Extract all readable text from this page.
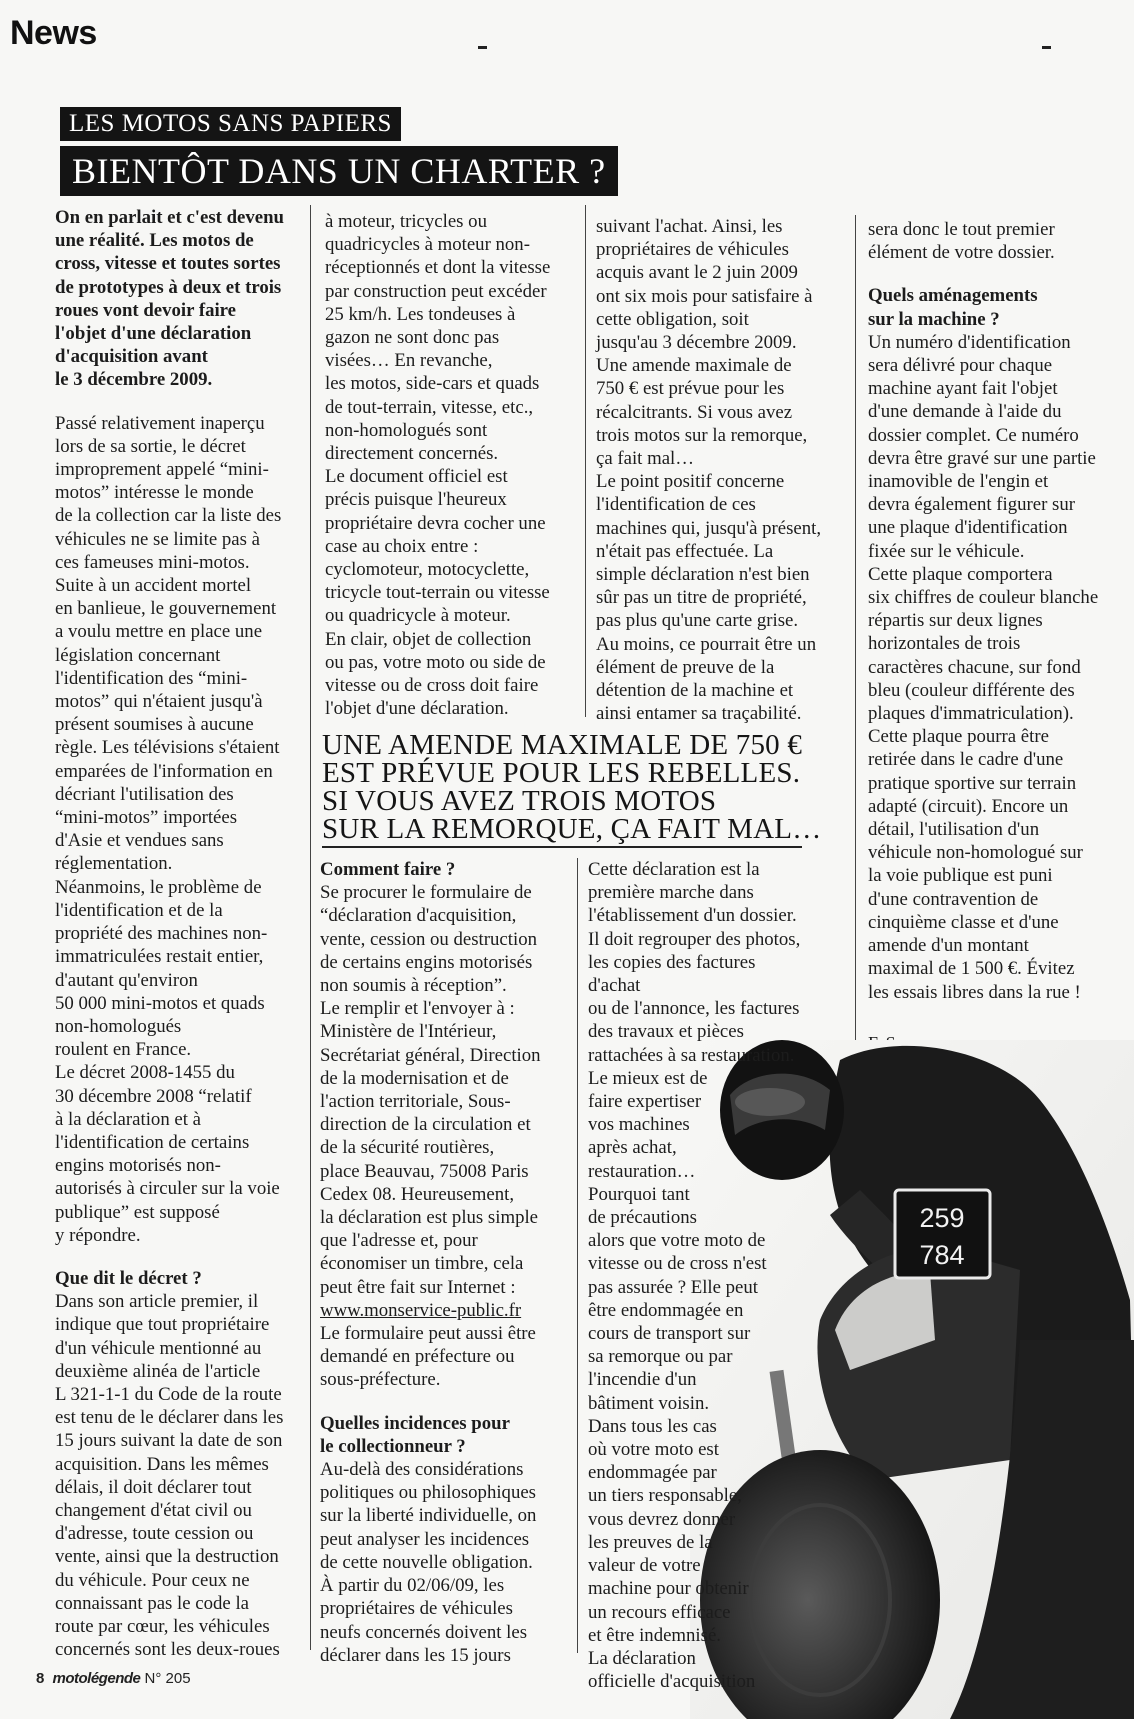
News
LES MOTOS SANS PAPIERS
BIENTÔT DANS UN CHARTER ?
On en parlait et c'est devenu
une réalité. Les motos de
cross, vitesse et toutes sortes
de prototypes à deux et trois
roues vont devoir faire
l'objet d'une déclaration
d'acquisition avant
le 3 décembre 2009.
Passé relativement inaperçu
lors de sa sortie, le décret
improprement appelé “mini-
motos” intéresse le monde
de la collection car la liste des
véhicules ne se limite pas à
ces fameuses mini-motos.
Suite à un accident mortel
en banlieue, le gouvernement
a voulu mettre en place une
législation concernant
l'identification des “mini-
motos” qui n'étaient jusqu'à
présent soumises à aucune
règle. Les télévisions s'étaient
emparées de l'information en
décriant l'utilisation des
“mini-motos” importées
d'Asie et vendues sans
réglementation.
Néanmoins, le problème de
l'identification et de la
propriété des machines non-
immatriculées restait entier,
d'autant qu'environ
50 000 mini-motos et quads
non-homologués
roulent en France.
Le décret 2008-1455 du
30 décembre 2008 “relatif
à la déclaration et à
l'identification de certains
engins motorisés non-
autorisés à circuler sur la voie
publique” est supposé
y répondre.
Que dit le décret ?
Dans son article premier, il
indique que tout propriétaire
d'un véhicule mentionné au
deuxième alinéa de l'article
L 321-1-1 du Code de la route
est tenu de le déclarer dans les
15 jours suivant la date de son
acquisition. Dans les mêmes
délais, il doit déclarer tout
changement d'état civil ou
d'adresse, toute cession ou
vente, ainsi que la destruction
du véhicule. Pour ceux ne
connaissant pas le code la
route par cœur, les véhicules
concernés sont les deux-roues
à moteur, tricycles ou
quadricycles à moteur non-
réceptionnés et dont la vitesse
par construction peut excéder
25 km/h. Les tondeuses à
gazon ne sont donc pas
visées… En revanche,
les motos, side-cars et quads
de tout-terrain, vitesse, etc.,
non-homologués sont
directement concernés.
Le document officiel est
précis puisque l'heureux
propriétaire devra cocher une
case au choix entre :
cyclomoteur, motocyclette,
tricycle tout-terrain ou vitesse
ou quadricycle à moteur.
En clair, objet de collection
ou pas, votre moto ou side de
vitesse ou de cross doit faire
l'objet d'une déclaration.
suivant l'achat. Ainsi, les
propriétaires de véhicules
acquis avant le 2 juin 2009
ont six mois pour satisfaire à
cette obligation, soit
jusqu'au 3 décembre 2009.
Une amende maximale de
750 € est prévue pour les
récalcitrants. Si vous avez
trois motos sur la remorque,
ça fait mal…
Le point positif concerne
l'identification de ces
machines qui, jusqu'à présent,
n'était pas effectuée. La
simple déclaration n'est bien
sûr pas un titre de propriété,
pas plus qu'une carte grise.
Au moins, ce pourrait être un
élément de preuve de la
détention de la machine et
ainsi entamer sa traçabilité.
sera donc le tout premier
élément de votre dossier.
Quels aménagements
sur la machine ?
Un numéro d'identification
sera délivré pour chaque
machine ayant fait l'objet
d'une demande à l'aide du
dossier complet. Ce numéro
devra être gravé sur une partie
inamovible de l'engin et
devra également figurer sur
une plaque d'identification
fixée sur le véhicule.
Cette plaque comportera
six chiffres de couleur blanche
répartis sur deux lignes
horizontales de trois
caractères chacune, sur fond
bleu (couleur différente des
plaques d'immatriculation).
Cette plaque pourra être
retirée dans le cadre d'une
pratique sportive sur terrain
adapté (circuit). Encore un
détail, l'utilisation d'un
véhicule non-homologué sur
la voie publique est puni
d'une contravention de
cinquième classe et d'une
amende d'un montant
maximal de 1 500 €. Évitez
les essais libres dans la rue !
UNE AMENDE MAXIMALE DE 750 €
EST PRÉVUE POUR LES REBELLES.
SI VOUS AVEZ TROIS MOTOS
SUR LA REMORQUE, ÇA FAIT MAL…
Comment faire ?
Se procurer le formulaire de
“déclaration d'acquisition,
vente, cession ou destruction
de certains engins motorisés
non soumis à réception”.
Le remplir et l'envoyer à :
Ministère de l'Intérieur,
Secrétariat général, Direction
de la modernisation et de
l'action territoriale, Sous-
direction de la circulation et
de la sécurité routières,
place Beauvau, 75008 Paris
Cedex 08. Heureusement,
la déclaration est plus simple
que l'adresse et, pour
économiser un timbre, cela
peut être fait sur Internet :
www.monservice-public.fr
Le formulaire peut aussi être
demandé en préfecture ou
sous-préfecture.
Quelles incidences pour
le collectionneur ?
Au-delà des considérations
politiques ou philosophiques
sur la liberté individuelle, on
peut analyser les incidences
de cette nouvelle obligation.
À partir du 02/06/09, les
propriétaires de véhicules
neufs concernés doivent les
déclarer dans les 15 jours
259
784
Cette déclaration est la
première marche dans
l'établissement d'un dossier.
Il doit regrouper des photos,
les copies des factures d'achat
ou de l'annonce, les factures
des travaux et pièces
rattachées à sa restauration.
Le mieux est de
faire expertiser
vos machines
après achat,
restauration…
Pourquoi tant
de précautions
alors que votre moto de
vitesse ou de cross n'est
pas assurée ? Elle peut
être endommagée en
cours de transport sur
sa remorque ou par
l'incendie d'un
bâtiment voisin.
Dans tous les cas
où votre moto est
endommagée par
un tiers responsable,
vous devrez donner
les preuves de la
valeur de votre
machine pour obtenir
un recours efficace
et être indemnisé.
La déclaration
officielle d'acquisition
8 motolégende N° 205
